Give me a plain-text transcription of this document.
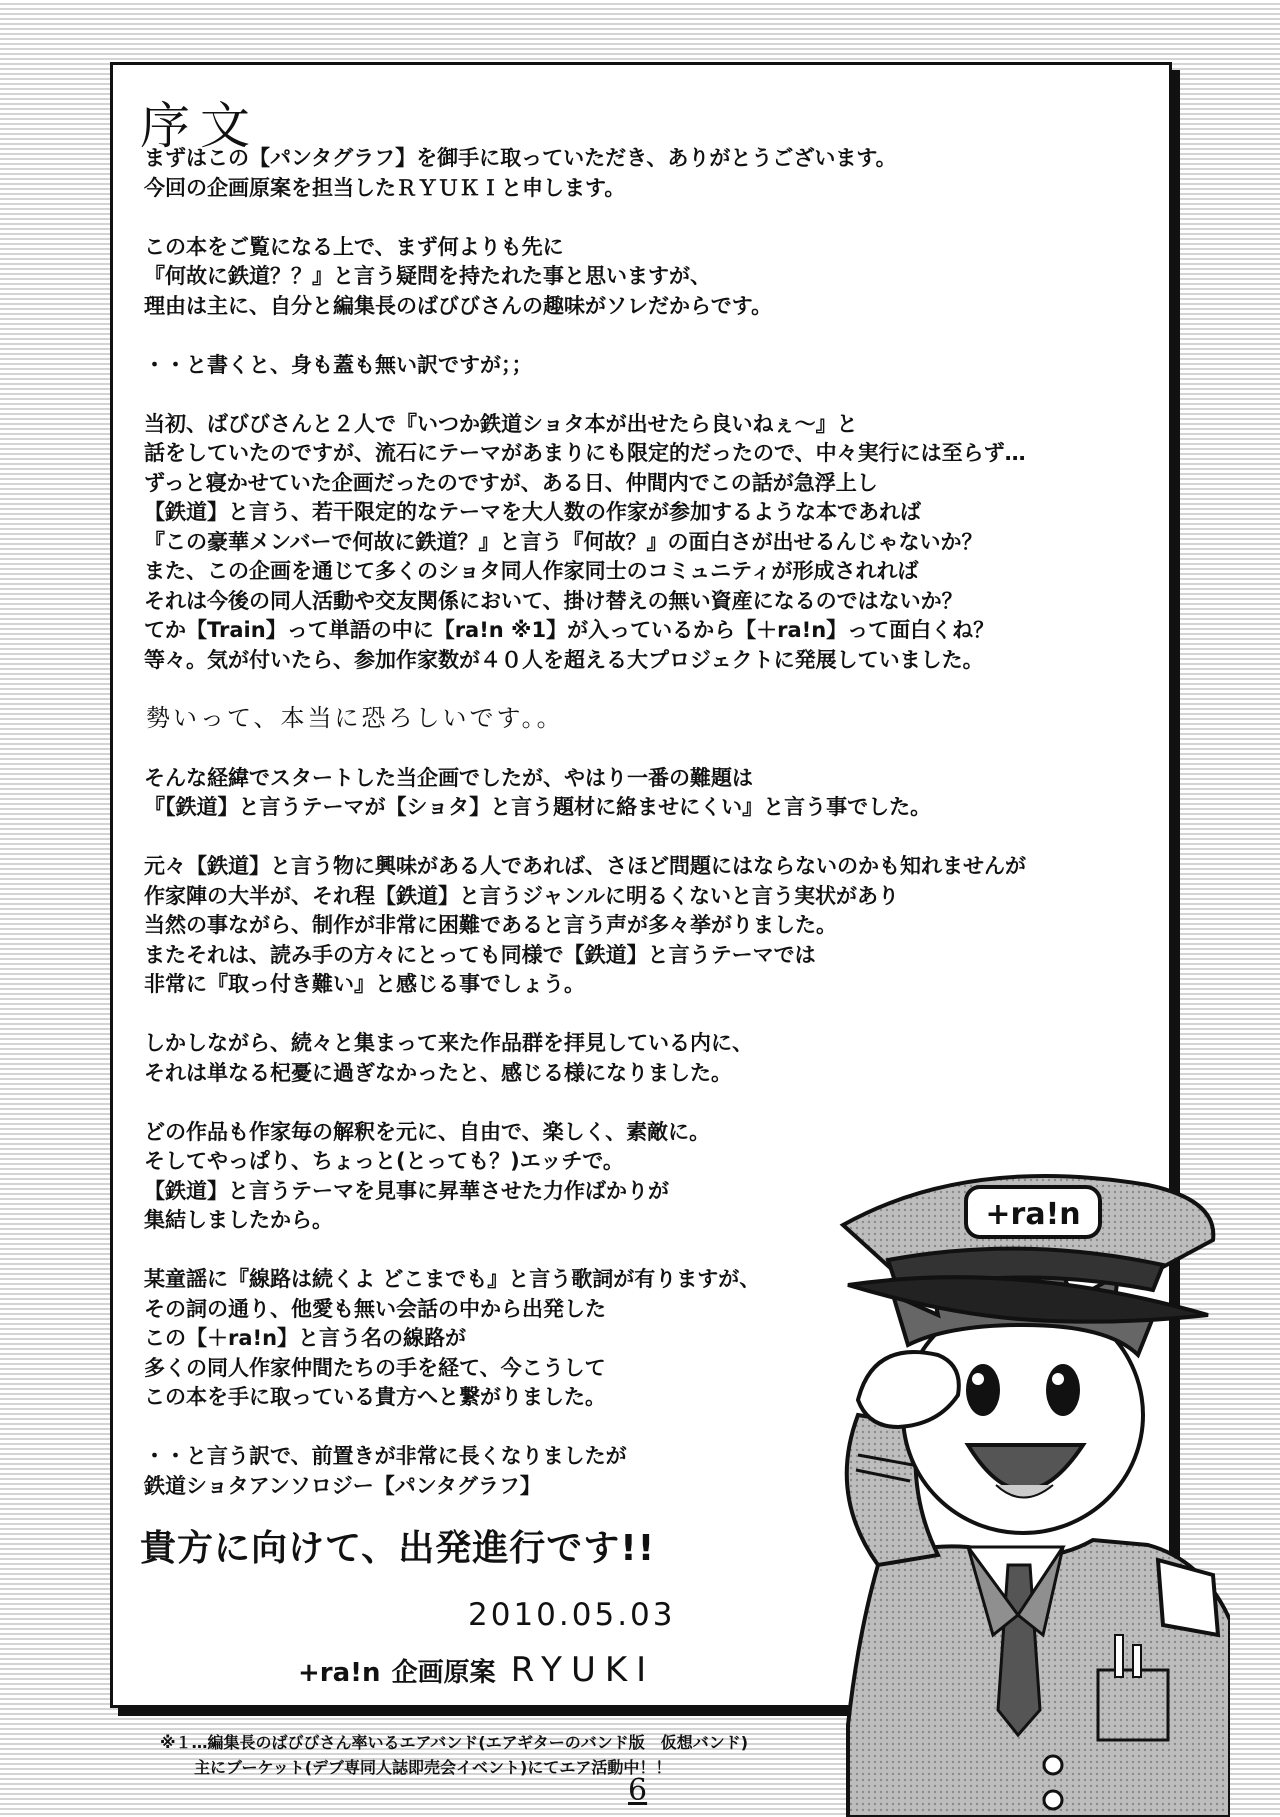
序文
まずはこの【パンタグラフ】を御手に取っていただき、ありがとうございます。
今回の企画原案を担当したＲＹＵＫＩと申します。
この本をご覧になる上で、まず何よりも先に
『何故に鉄道？？』と言う疑問を持たれた事と思いますが、
理由は主に、自分と編集長のばびびさんの趣味がソレだからです。
・・と書くと、身も蓋も無い訳ですが；；
当初、ばびびさんと２人で『いつか鉄道ショタ本が出せたら良いねぇ～』と
話をしていたのですが、流石にテーマがあまりにも限定的だったので、中々実行には至らず…
ずっと寝かせていた企画だったのですが、ある日、仲間内でこの話が急浮上し
【鉄道】と言う、若干限定的なテーマを大人数の作家が参加するような本であれば
『この豪華メンバーで何故に鉄道？』と言う『何故？』の面白さが出せるんじゃないか？
また、この企画を通じて多くのショタ同人作家同士のコミュニティが形成されれば
それは今後の同人活動や交友関係において、掛け替えの無い資産になるのではないか？
てか【Train】って単語の中に【ra!n ※1】が入っているから【＋ra!n】って面白くね？
等々。気が付いたら、参加作家数が４０人を超える大プロジェクトに発展していました。
そんな経緯でスタートした当企画でしたが、やはり一番の難題は
『【鉄道】と言うテーマが【ショタ】と言う題材に絡ませにくい』と言う事でした。
元々【鉄道】と言う物に興味がある人であれば、さほど問題にはならないのかも知れませんが
作家陣の大半が、それ程【鉄道】と言うジャンルに明るくないと言う実状があり
当然の事ながら、制作が非常に困難であると言う声が多々挙がりました。
またそれは、読み手の方々にとっても同様で【鉄道】と言うテーマでは
非常に『取っ付き難い』と感じる事でしょう。
しかしながら、続々と集まって来た作品群を拝見している内に、
それは単なる杞憂に過ぎなかったと、感じる様になりました。
どの作品も作家毎の解釈を元に、自由で、楽しく、素敵に。
そしてやっぱり、ちょっと(とっても？)エッチで。
【鉄道】と言うテーマを見事に昇華させた力作ばかりが
集結しましたから。
某童謡に『線路は続くよ どこまでも』と言う歌詞が有りますが、
その詞の通り、他愛も無い会話の中から出発した
この【＋ra!n】と言う名の線路が
多くの同人作家仲間たちの手を経て、今こうして
この本を手に取っている貴方へと繋がりました。
・・と言う訳で、前置きが非常に長くなりましたが
鉄道ショタアンソロジー【パンタグラフ】
勢いって、本当に恐ろしいです。。
貴方に向けて、出発進行です!!
2010.05.03
+ra!n 企画原案 RYUKI
+ra!n
※１…編集長のばびびさん率いるエアバンド(エアギターのバンド版　仮想バンド)
主にブーケット(デブ専同人誌即売会イベント)にてエア活動中！！
6
